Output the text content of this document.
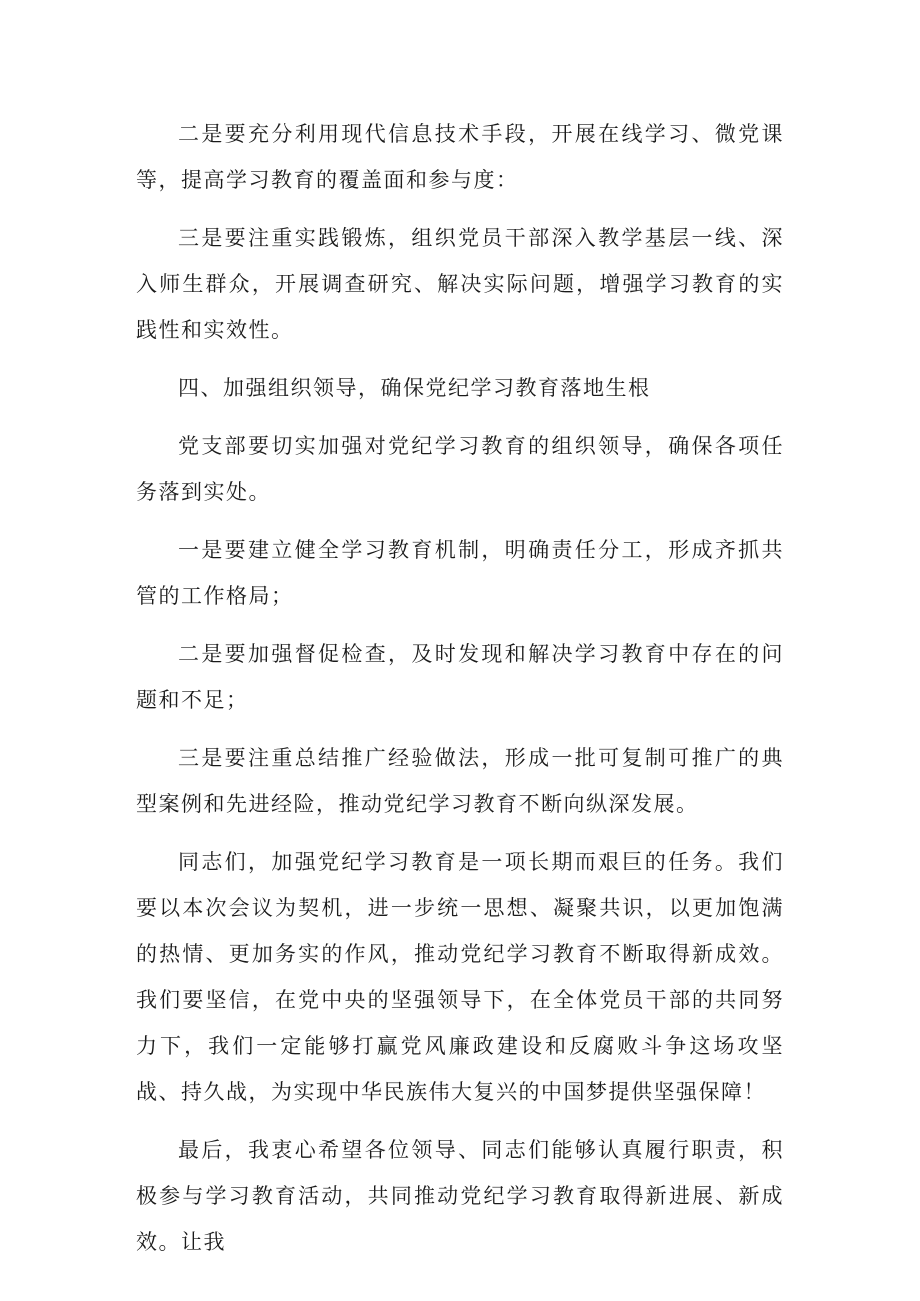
二是要充分利用现代信息技术手段，开展在线学习、微党课等，提高学习教育的覆盖面和参与度：

三是要注重实践锻炼，组织党员干部深入教学基层一线、深入师生群众，开展调查研究、解决实际问题，增强学习教育的实践性和实效性。

四、加强组织领导，确保党纪学习教育落地生根

党支部要切实加强对党纪学习教育的组织领导，确保各项任务落到实处。

一是要建立健全学习教育机制，明确责任分工，形成齐抓共管的工作格局；

二是要加强督促检查，及时发现和解决学习教育中存在的问题和不足；

三是要注重总结推广经验做法，形成一批可复制可推广的典型案例和先进经险，推动党纪学习教育不断向纵深发展。

同志们，加强党纪学习教育是一项长期而艰巨的任务。我们要以本次会议为契机，进一步统一思想、凝聚共识，以更加饱满的热情、更加务实的作风，推动党纪学习教育不断取得新成效。我们要坚信，在党中央的坚强领导下，在全体党员干部的共同努力下，我们一定能够打赢党风廉政建设和反腐败斗争这场攻坚战、持久战，为实现中华民族伟大复兴的中国梦提供坚强保障！

最后，我衷心希望各位领导、同志们能够认真履行职责，积极参与学习教育活动，共同推动党纪学习教育取得新进展、新成效。让我
